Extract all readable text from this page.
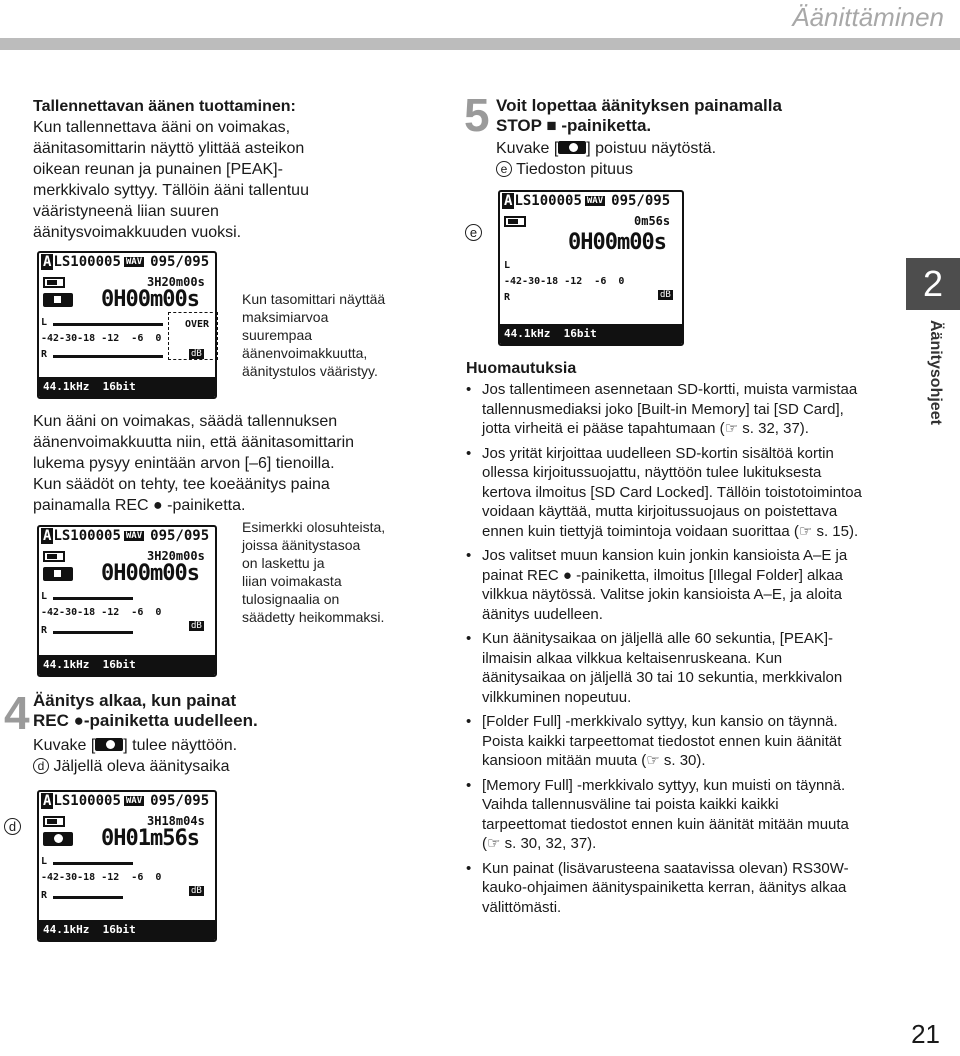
Äänittäminen
Tallennettavan äänen tuottaminen:
Kun tallennettava ääni on voimakas,
äänitasomittarin näyttö ylittää asteikon
oikean reunan ja punainen [PEAK]-
merkkivalo syttyy. Tällöin ääni tallentuu
vääristyneenä liian suuren
äänitysvoimakkuuden vuoksi.
A LS100005 WAV 095/095
3H20m00s
0H00m00s
L
-42-30-18 -12  -6  0
R
OVER
dB
44.1kHz  16bit
Kun tasomittari näyttää
maksimiarvoa
suurempaa
äänenvoimakkuutta,
äänitystulos vääristyy.
Kun ääni on voimakas, säädä tallennuksen
äänenvoimakkuutta niin, että äänitasomittarin
lukema pysyy enintään arvon [–6] tienoilla.
Kun säädöt on tehty, tee koeäänitys paina
painamalla REC ● -painiketta.
A LS100005 WAV 095/095
3H20m00s
0H00m00s
L
-42-30-18 -12  -6  0
R	dB
44.1kHz  16bit
Esimerkki olosuhteista,
joissa äänitystasoa
on laskettu ja
liian voimakasta
tulosignaalia on
säädetty heikommaksi.
4 Äänitys alkaa, kun painat
REC ●-painiketta uudelleen.
Kuvake [ ] tulee näyttöön.
d Jäljellä oleva äänitysaika
d
A LS100005 WAV 095/095
3H18m04s
0H01m56s
L
-42-30-18 -12  -6  0
R	dB
44.1kHz  16bit
5 Voit lopettaa äänityksen painamalla
STOP ■ -painiketta.
Kuvake [ ] poistuu näytöstä.
e Tiedoston pituus
e
A LS100005 WAV 095/095
0m56s
0H00m00s
L
-42-30-18 -12  -6  0
R	dB
44.1kHz  16bit
Huomautuksia
• Jos tallentimeen asennetaan SD-kortti, muista varmistaa tallennusmediaksi joko [Built-in Memory] tai [SD Card], jotta virheitä ei pääse tapahtumaan (☞ s. 32, 37).
• Jos yrität kirjoittaa uudelleen SD-kortin sisältöä kortin ollessa kirjoitussuojattu, näyttöön tulee lukituksesta kertova ilmoitus [SD Card Locked]. Tällöin toistotoimintoa voidaan käyttää, mutta kirjoitussuojaus on poistettava ennen kuin tiettyjä toimintoja voidaan suorittaa (☞ s. 15).
• Jos valitset muun kansion kuin jonkin kansioista A–E ja painat REC ● -painiketta, ilmoitus [Illegal Folder] alkaa vilkkua näytössä. Valitse jokin kansioista A–E, ja aloita äänitys uudelleen.
• Kun äänitysaikaa on jäljellä alle 60 sekuntia, [PEAK]-ilmaisin alkaa vilkkua keltaisenruskeana. Kun äänitysaikaa on jäljellä 30 tai 10 sekuntia, merkkivalon vilkkuminen nopeutuu.
• [Folder Full] -merkkivalo syttyy, kun kansio on täynnä. Poista kaikki tarpeettomat tiedostot ennen kuin äänität kansioon mitään muuta (☞ s. 30).
• [Memory Full] -merkkivalo syttyy, kun muisti on täynnä. Vaihda tallennusväline tai poista kaikki kaikki tarpeettomat tiedostot ennen kuin äänität mitään muuta (☞ s. 30, 32, 37).
• Kun painat (lisävarusteena saatavissa olevan) RS30W-kauko-ohjaimen äänityspainiketta kerran, äänitys alkaa välittömästi.
2
Äänitysohjeet
21
